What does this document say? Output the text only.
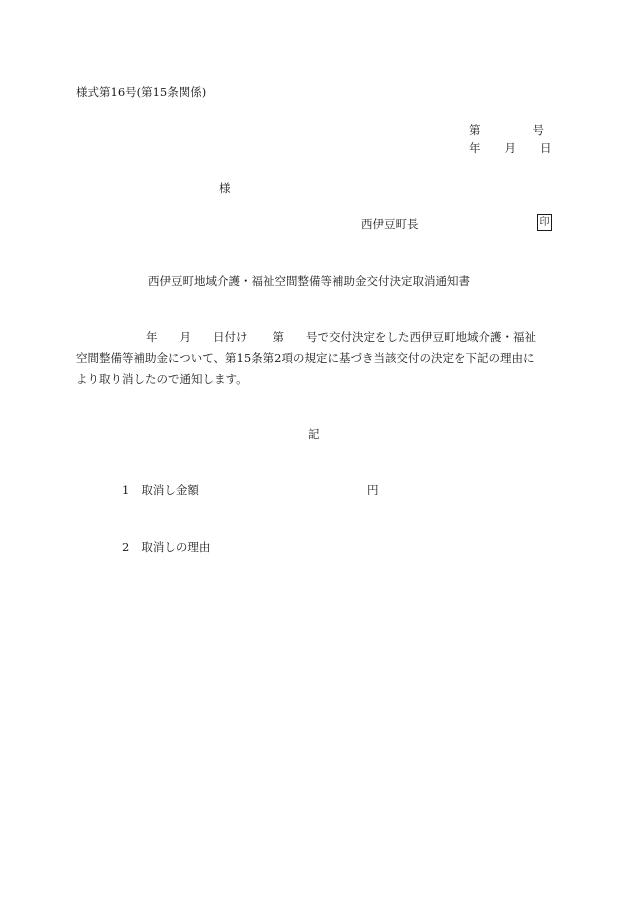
様式第16号(第15条関係)
第	号
年 月 日
様
西伊豆町長	印
西伊豆町地域介護・福祉空間整備等補助金交付決定取消通知書
年 月 日付け 第 号で交付決定をした西伊豆町地域介護・福祉
空間整備等補助金について、第15条第2項の規定に基づき当該交付の決定を下記の理由に
より取り消したので通知します。
記
1 取消し金額	円
2 取消しの理由
